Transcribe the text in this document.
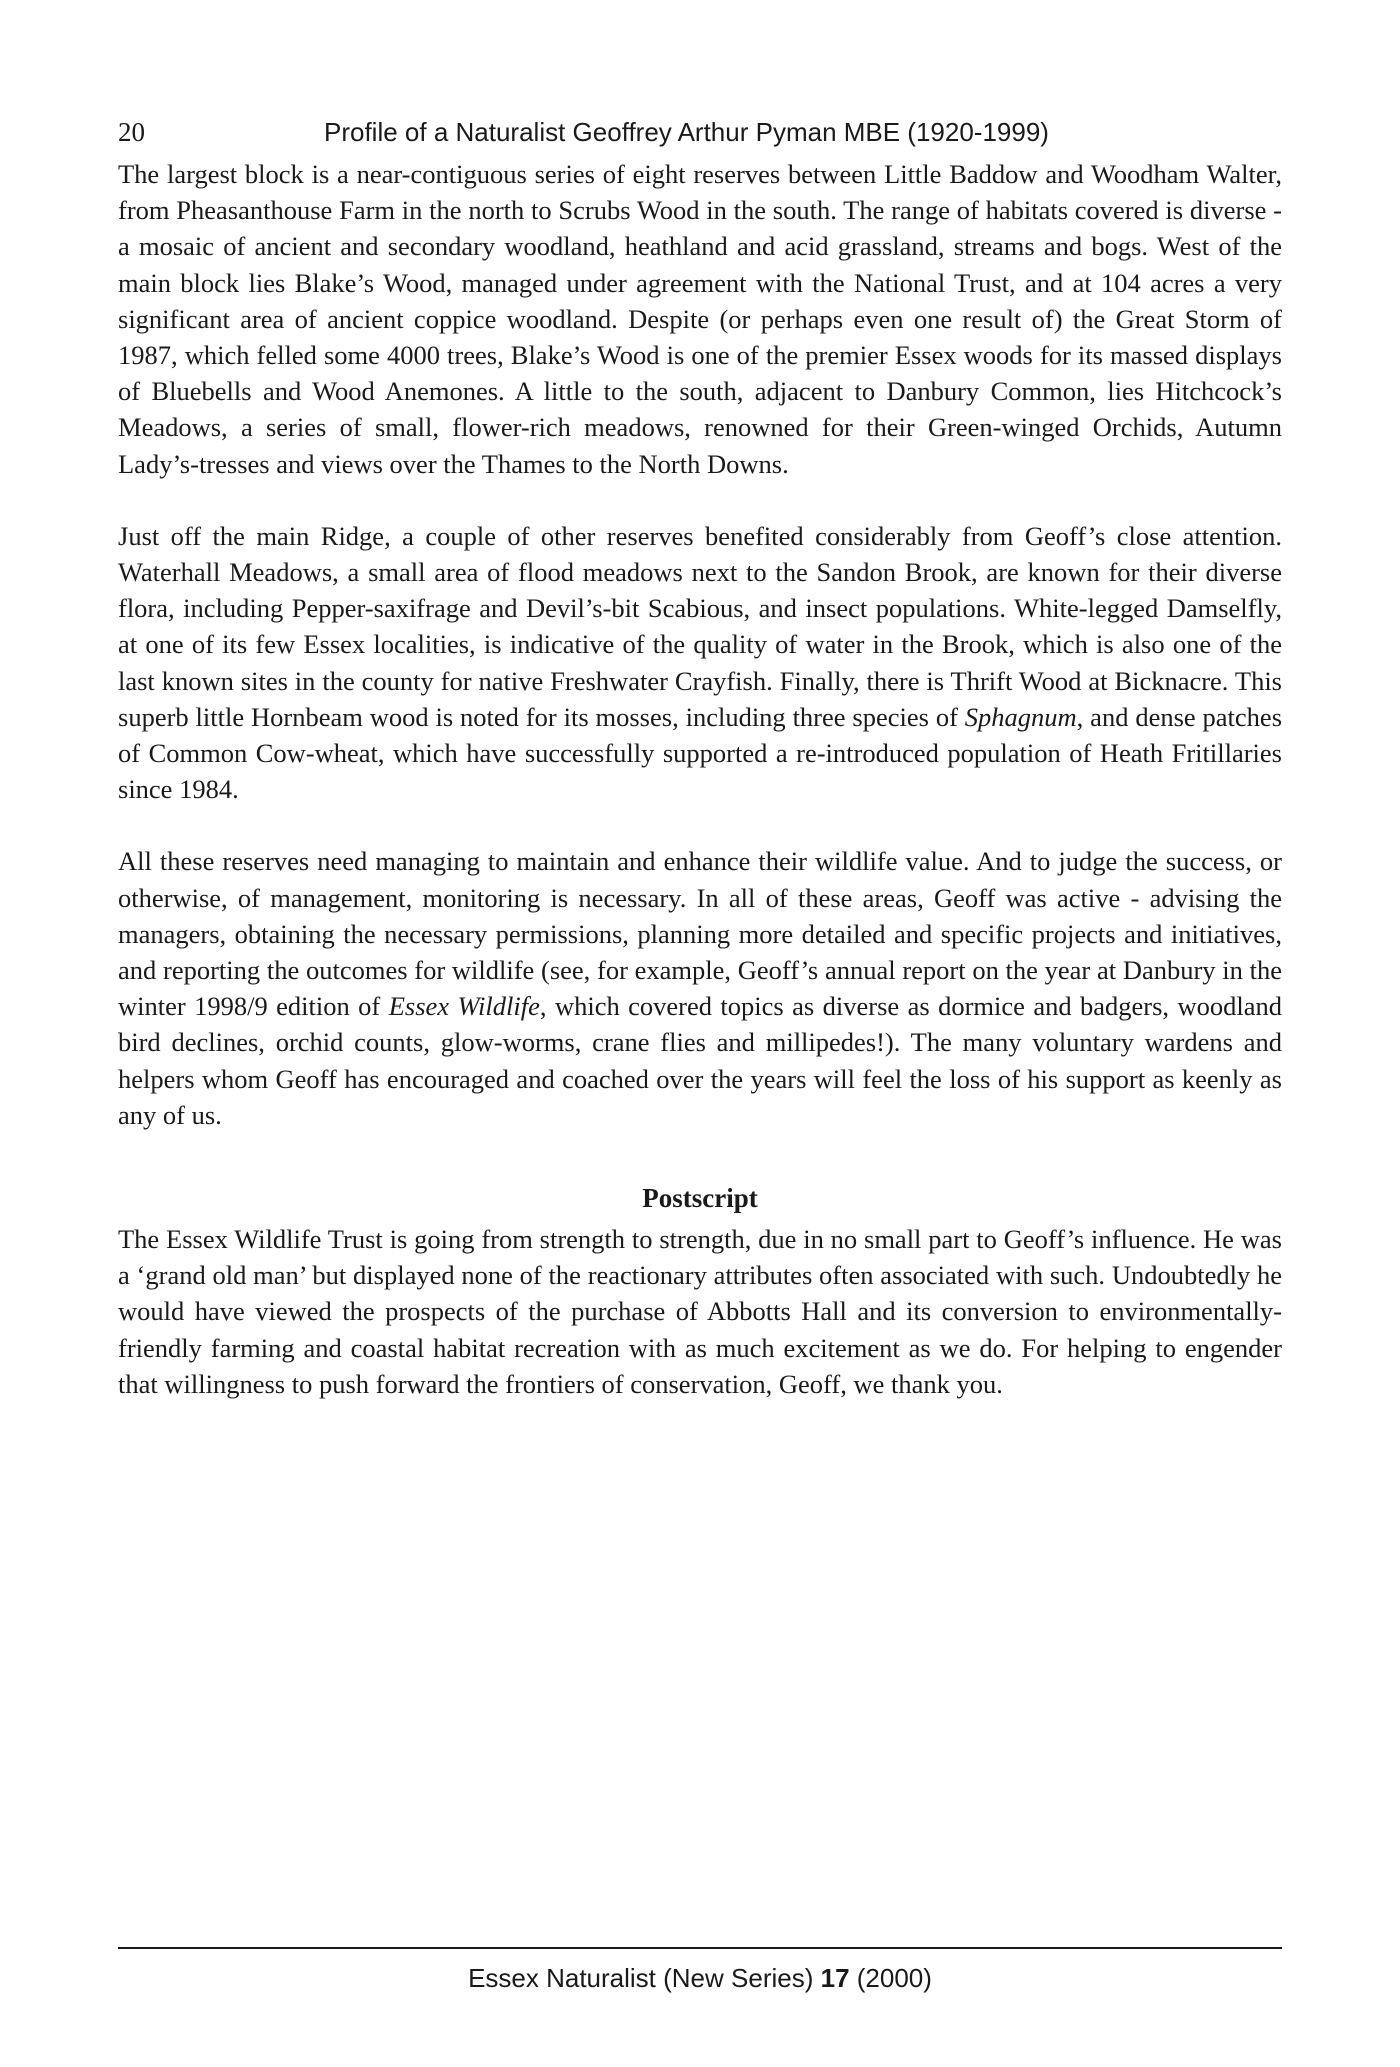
20	Profile of a Naturalist Geoffrey Arthur Pyman MBE (1920-1999)

The largest block is a near-contiguous series of eight reserves between Little Baddow and Woodham Walter, from Pheasanthouse Farm in the north to Scrubs Wood in the south. The range of habitats covered is diverse - a mosaic of ancient and secondary woodland, heathland and acid grassland, streams and bogs. West of the main block lies Blake’s Wood, managed under agreement with the National Trust, and at 104 acres a very significant area of ancient coppice woodland. Despite (or perhaps even one result of) the Great Storm of 1987, which felled some 4000 trees, Blake’s Wood is one of the premier Essex woods for its massed displays of Bluebells and Wood Anemones. A little to the south, adjacent to Danbury Common, lies Hitchcock’s Meadows, a series of small, flower-rich meadows, renowned for their Green-winged Orchids, Autumn Lady’s-tresses and views over the Thames to the North Downs.

Just off the main Ridge, a couple of other reserves benefited considerably from Geoff’s close attention. Waterhall Meadows, a small area of flood meadows next to the Sandon Brook, are known for their diverse flora, including Pepper-saxifrage and Devil’s-bit Scabious, and insect populations. White-legged Damselfly, at one of its few Essex localities, is indicative of the quality of water in the Brook, which is also one of the last known sites in the county for native Freshwater Crayfish. Finally, there is Thrift Wood at Bicknacre. This superb little Hornbeam wood is noted for its mosses, including three species of Sphagnum, and dense patches of Common Cow-wheat, which have successfully supported a re-introduced population of Heath Fritillaries since 1984.

All these reserves need managing to maintain and enhance their wildlife value. And to judge the success, or otherwise, of management, monitoring is necessary. In all of these areas, Geoff was active - advising the managers, obtaining the necessary permissions, planning more detailed and specific projects and initiatives, and reporting the outcomes for wildlife (see, for example, Geoff’s annual report on the year at Danbury in the winter 1998/9 edition of Essex Wildlife, which covered topics as diverse as dormice and badgers, woodland bird declines, orchid counts, glow-worms, crane flies and millipedes!). The many voluntary wardens and helpers whom Geoff has encouraged and coached over the years will feel the loss of his support as keenly as any of us.

Postscript

The Essex Wildlife Trust is going from strength to strength, due in no small part to Geoff’s influence. He was a ‘grand old man’ but displayed none of the reactionary attributes often associated with such. Undoubtedly he would have viewed the prospects of the purchase of Abbotts Hall and its conversion to environmentally-friendly farming and coastal habitat recreation with as much excitement as we do. For helping to engender that willingness to push forward the frontiers of conservation, Geoff, we thank you.

Essex Naturalist (New Series) 17 (2000)
